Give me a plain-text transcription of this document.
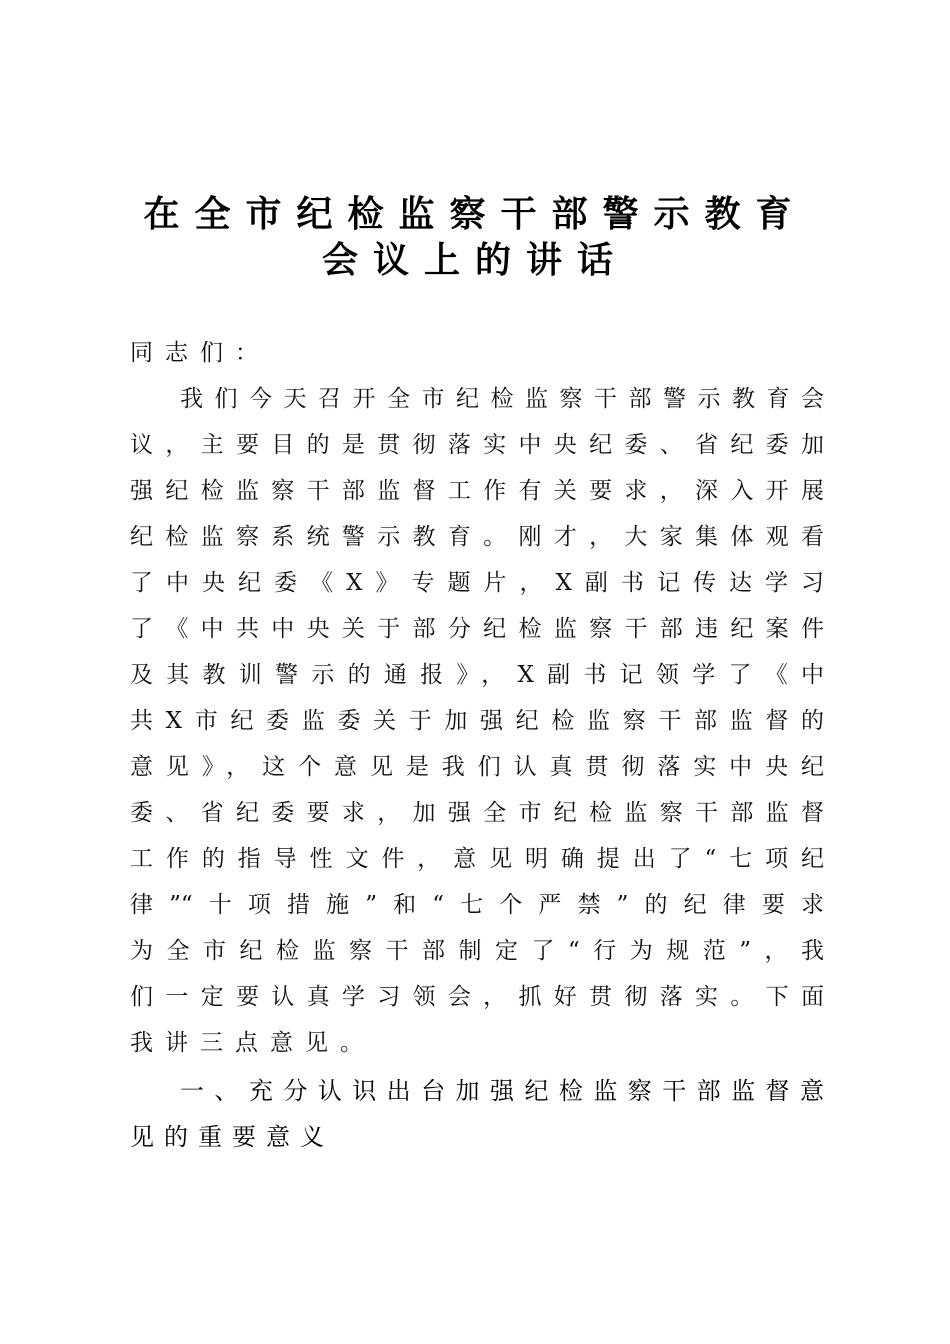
在全市纪检监察干部警示教育
会议上的讲话
同志们：
我们今天召开全市纪检监察干部警示教育会
议，主要目的是贯彻落实中央纪委、省纪委加
强纪检监察干部监督工作有关要求，深入开展
纪检监察系统警示教育。刚才，大家集体观看
了中央纪委《X》专题片，X副书记传达学习
了《中共中央关于部分纪检监察干部违纪案件
及其教训警示的通报》，X副书记领学了《中
共X市纪委监委关于加强纪检监察干部监督的
意见》，这个意见是我们认真贯彻落实中央纪
委、省纪委要求，加强全市纪检监察干部监督
工作的指导性文件，意见明确提出了“七项纪
律”“十项措施”和“七个严禁”的纪律要求
为全市纪检监察干部制定了“行为规范”，我
们一定要认真学习领会，抓好贯彻落实。下面
我讲三点意见。
一、充分认识出台加强纪检监察干部监督意
见的重要意义
